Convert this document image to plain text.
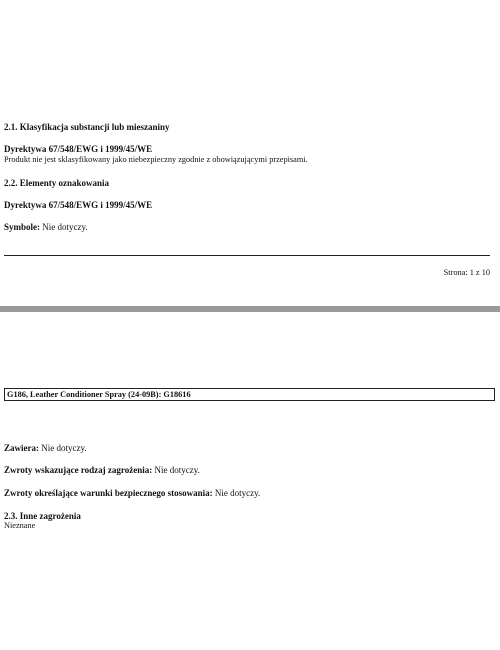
2.1. Klasyfikacja substancji lub mieszaniny
Dyrektywa 67/548/EWG i 1999/45/WE
Produkt nie jest sklasyfikowany jako niebezpieczny zgodnie z obowiązującymi przepisami.
2.2. Elementy oznakowania
Dyrektywa 67/548/EWG i 1999/45/WE
Symbole: Nie dotyczy.
Strona: 1 z 10
G186, Leather Conditioner Spray (24-09B): G18616
Zawiera: Nie dotyczy.
Zwroty wskazujące rodzaj zagrożenia: Nie dotyczy.
Zwroty określające warunki bezpiecznego stosowania: Nie dotyczy.
2.3. Inne zagrożenia
Nieznane
